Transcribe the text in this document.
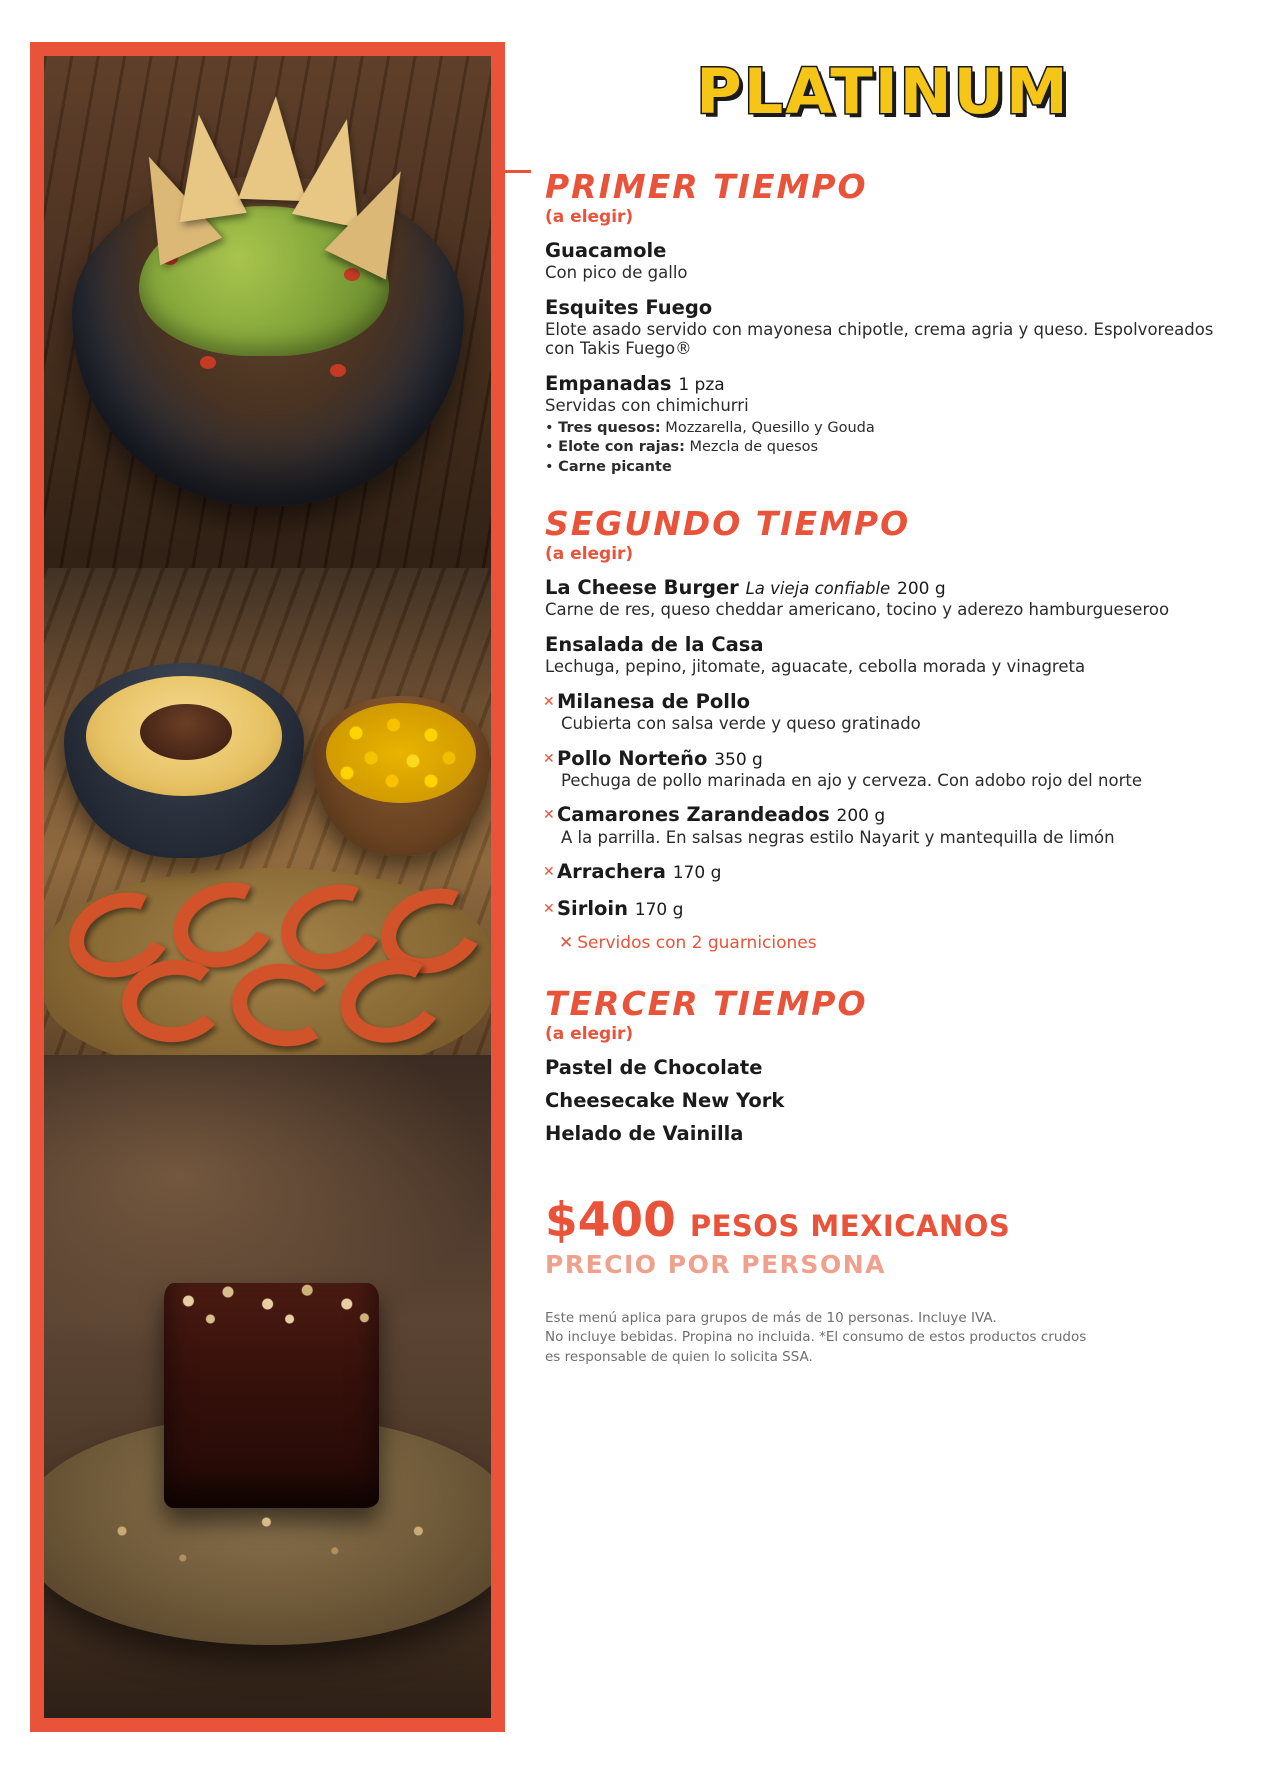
PLATINUM
PRIMER TIEMPO
(a elegir)
Guacamole
Con pico de gallo
Esquites Fuego
Elote asado servido con mayonesa chipotle, crema agria y queso. Espolvoreados con Takis Fuego®
Empanadas 1 pza
Servidas con chimichurri
• Tres quesos: Mozzarella, Quesillo y Gouda
• Elote con rajas: Mezcla de quesos
• Carne picante
SEGUNDO TIEMPO
(a elegir)
La Cheese Burger La vieja confiable 200 g
Carne de res, queso cheddar americano, tocino y aderezo hamburgueseroo
Ensalada de la Casa
Lechuga, pepino, jitomate, aguacate, cebolla morada y vinagreta
✕ Milanesa de Pollo
Cubierta con salsa verde y queso gratinado
✕ Pollo Norteño 350 g
Pechuga de pollo marinada en ajo y cerveza. Con adobo rojo del norte
✕ Camarones Zarandeados 200 g
A la parrilla. En salsas negras estilo Nayarit y mantequilla de limón
✕ Arrachera 170 g
✕ Sirloin 170 g
✕ Servidos con 2 guarniciones
TERCER TIEMPO
(a elegir)
Pastel de Chocolate
Cheesecake New York
Helado de Vainilla
$400 PESOS MEXICANOS
PRECIO POR PERSONA
Este menú aplica para grupos de más de 10 personas. Incluye IVA.
No incluye bebidas. Propina no incluida. *El consumo de estos productos crudos es responsable de quien lo solicita SSA.
